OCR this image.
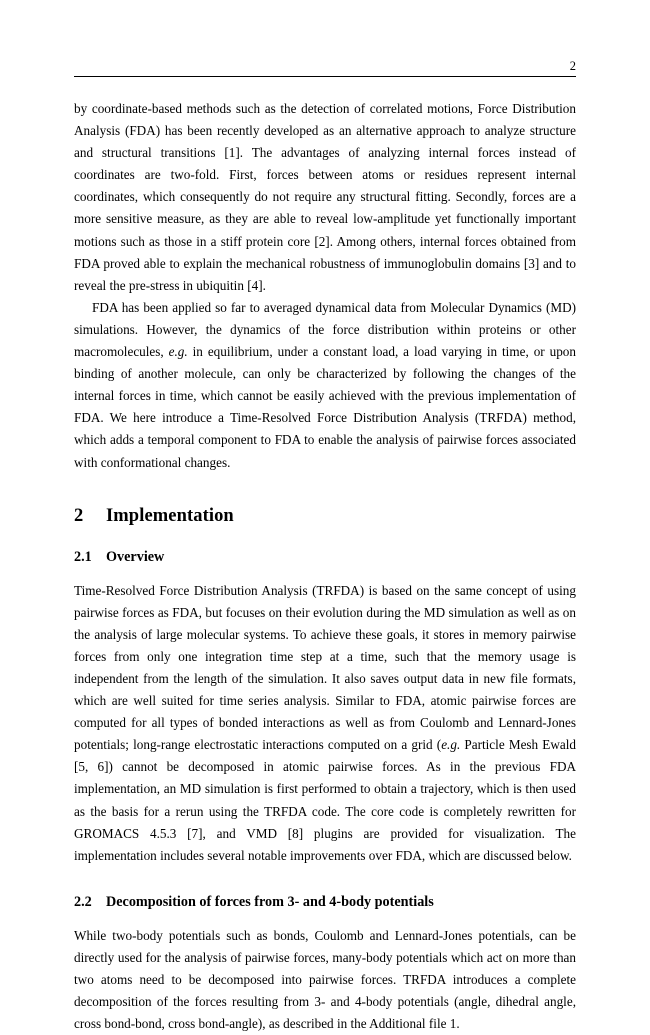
2

by coordinate-based methods such as the detection of correlated motions, Force Distribution Analysis (FDA) has been recently developed as an alternative approach to analyze structure and structural transitions [1]. The advantages of analyzing internal forces instead of coordinates are two-fold. First, forces between atoms or residues represent internal coordinates, which consequently do not require any structural fitting. Secondly, forces are a more sensitive measure, as they are able to reveal low-amplitude yet functionally important motions such as those in a stiff protein core [2]. Among others, internal forces obtained from FDA proved able to explain the mechanical robustness of immunoglobulin domains [3] and to reveal the pre-stress in ubiquitin [4].

FDA has been applied so far to averaged dynamical data from Molecular Dynamics (MD) simulations. However, the dynamics of the force distribution within proteins or other macromolecules, e.g. in equilibrium, under a constant load, a load varying in time, or upon binding of another molecule, can only be characterized by following the changes of the internal forces in time, which cannot be easily achieved with the previous implementation of FDA. We here introduce a Time-Resolved Force Distribution Analysis (TRFDA) method, which adds a temporal component to FDA to enable the analysis of pairwise forces associated with conformational changes.

2	Implementation
2.1	Overview

Time-Resolved Force Distribution Analysis (TRFDA) is based on the same concept of using pairwise forces as FDA, but focuses on their evolution during the MD simulation as well as on the analysis of large molecular systems. To achieve these goals, it stores in memory pairwise forces from only one integration time step at a time, such that the memory usage is independent from the length of the simulation. It also saves output data in new file formats, which are well suited for time series analysis. Similar to FDA, atomic pairwise forces are computed for all types of bonded interactions as well as from Coulomb and Lennard-Jones potentials; long-range electrostatic interactions computed on a grid (e.g. Particle Mesh Ewald [5, 6]) cannot be decomposed in atomic pairwise forces. As in the previous FDA implementation, an MD simulation is first performed to obtain a trajectory, which is then used as the basis for a rerun using the TRFDA code. The core code is completely rewritten for GROMACS 4.5.3 [7], and VMD [8] plugins are provided for visualization. The implementation includes several notable improvements over FDA, which are discussed below.

2.2	Decomposition of forces from 3- and 4-body potentials

While two-body potentials such as bonds, Coulomb and Lennard-Jones potentials, can be directly used for the analysis of pairwise forces, many-body potentials which act on more than two atoms need to be decomposed into pairwise forces. TRFDA introduces a complete decomposition of the forces resulting from 3- and 4-body potentials (angle, dihedral angle, cross bond-bond, cross bond-angle), as described in the Additional file 1.
